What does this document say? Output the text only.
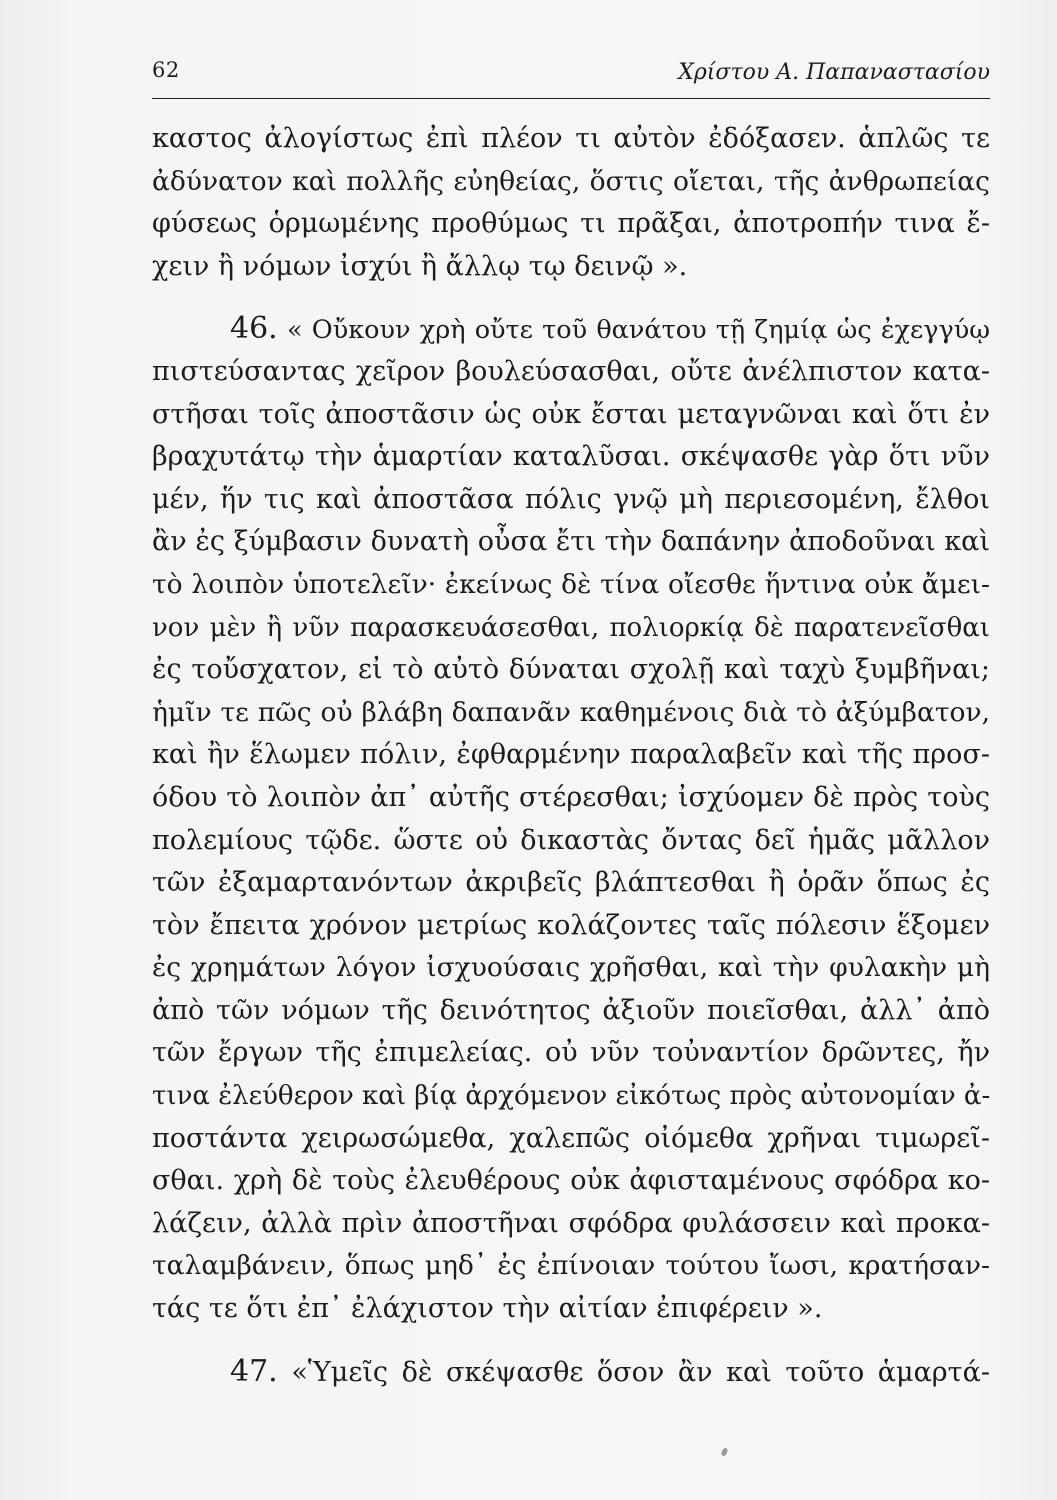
62	Χρίστου Α. Παπαναστασίου
καστος ἀλογίστως ἐπὶ πλέον τι αὐτὸν ἐδόξασεν. ἁπλῶς τε
ἀδύνατον καὶ πολλῆς εὐηθείας, ὅστις οἴεται, τῆς ἀνθρωπείας
φύσεως ὁρμωμένης προθύμως τι πρᾶξαι, ἀποτροπήν τινα ἔ-
χειν ἢ νόμων ἰσχύι ἢ ἄλλῳ τῳ δεινῷ ».
46. « Οὔκουν χρὴ οὔτε τοῦ θανάτου τῇ ζημίᾳ ὡς ἐχεγγύῳ
πιστεύσαντας χεῖρον βουλεύσασθαι, οὔτε ἀνέλπιστον κατα-
στῆσαι τοῖς ἀποστᾶσιν ὡς οὐκ ἔσται μεταγνῶναι καὶ ὅτι ἐν
βραχυτάτῳ τὴν ἁμαρτίαν καταλῦσαι. σκέψασθε γὰρ ὅτι νῦν
μέν, ἥν τις καὶ ἀποστᾶσα πόλις γνῷ μὴ περιεσομένη, ἔλθοι
ἂν ἐς ξύμβασιν δυνατὴ οὖσα ἔτι τὴν δαπάνην ἀποδοῦναι καὶ
τὸ λοιπὸν ὑποτελεῖν· ἐκείνως δὲ τίνα οἴεσθε ἥντινα οὐκ ἄμει-
νον μὲν ἢ νῦν παρασκευάσεσθαι, πολιορκίᾳ δὲ παρατενεῖσθαι
ἐς τοὔσχατον, εἰ τὸ αὐτὸ δύναται σχολῇ καὶ ταχὺ ξυμβῆναι;
ἡμῖν τε πῶς οὐ βλάβη δαπανᾶν καθημένοις διὰ τὸ ἀξύμβατον,
καὶ ἢν ἕλωμεν πόλιν, ἐφθαρμένην παραλαβεῖν καὶ τῆς προσ-
όδου τὸ λοιπὸν ἀπ᾿ αὐτῆς στέρεσθαι; ἰσχύομεν δὲ πρὸς τοὺς
πολεμίους τῷδε. ὥστε οὐ δικαστὰς ὄντας δεῖ ἡμᾶς μᾶλλον
τῶν ἐξαμαρτανόντων ἀκριβεῖς βλάπτεσθαι ἢ ὁρᾶν ὅπως ἐς
τὸν ἔπειτα χρόνον μετρίως κολάζοντες ταῖς πόλεσιν ἕξομεν
ἐς χρημάτων λόγον ἰσχυούσαις χρῆσθαι, καὶ τὴν φυλακὴν μὴ
ἀπὸ τῶν νόμων τῆς δεινότητος ἀξιοῦν ποιεῖσθαι, ἀλλ᾿ ἀπὸ
τῶν ἔργων τῆς ἐπιμελείας. οὐ νῦν τοὐναντίον δρῶντες, ἤν
τινα ἐλεύθερον καὶ βίᾳ ἀρχόμενον εἰκότως πρὸς αὐτονομίαν ἀ-
ποστάντα χειρωσώμεθα, χαλεπῶς οἰόμεθα χρῆναι τιμωρεῖ-
σθαι. χρὴ δὲ τοὺς ἐλευθέρους οὐκ ἀφισταμένους σφόδρα κο-
λάζειν, ἀλλὰ πρὶν ἀποστῆναι σφόδρα φυλάσσειν καὶ προκα-
ταλαμβάνειν, ὅπως μηδ᾿ ἐς ἐπίνοιαν τούτου ἴωσι, κρατήσαν-
τάς τε ὅτι ἐπ᾿ ἐλάχιστον τὴν αἰτίαν ἐπιφέρειν ».
47. «Ὑμεῖς δὲ σκέψασθε ὅσον ἂν καὶ τοῦτο ἁμαρτά-
